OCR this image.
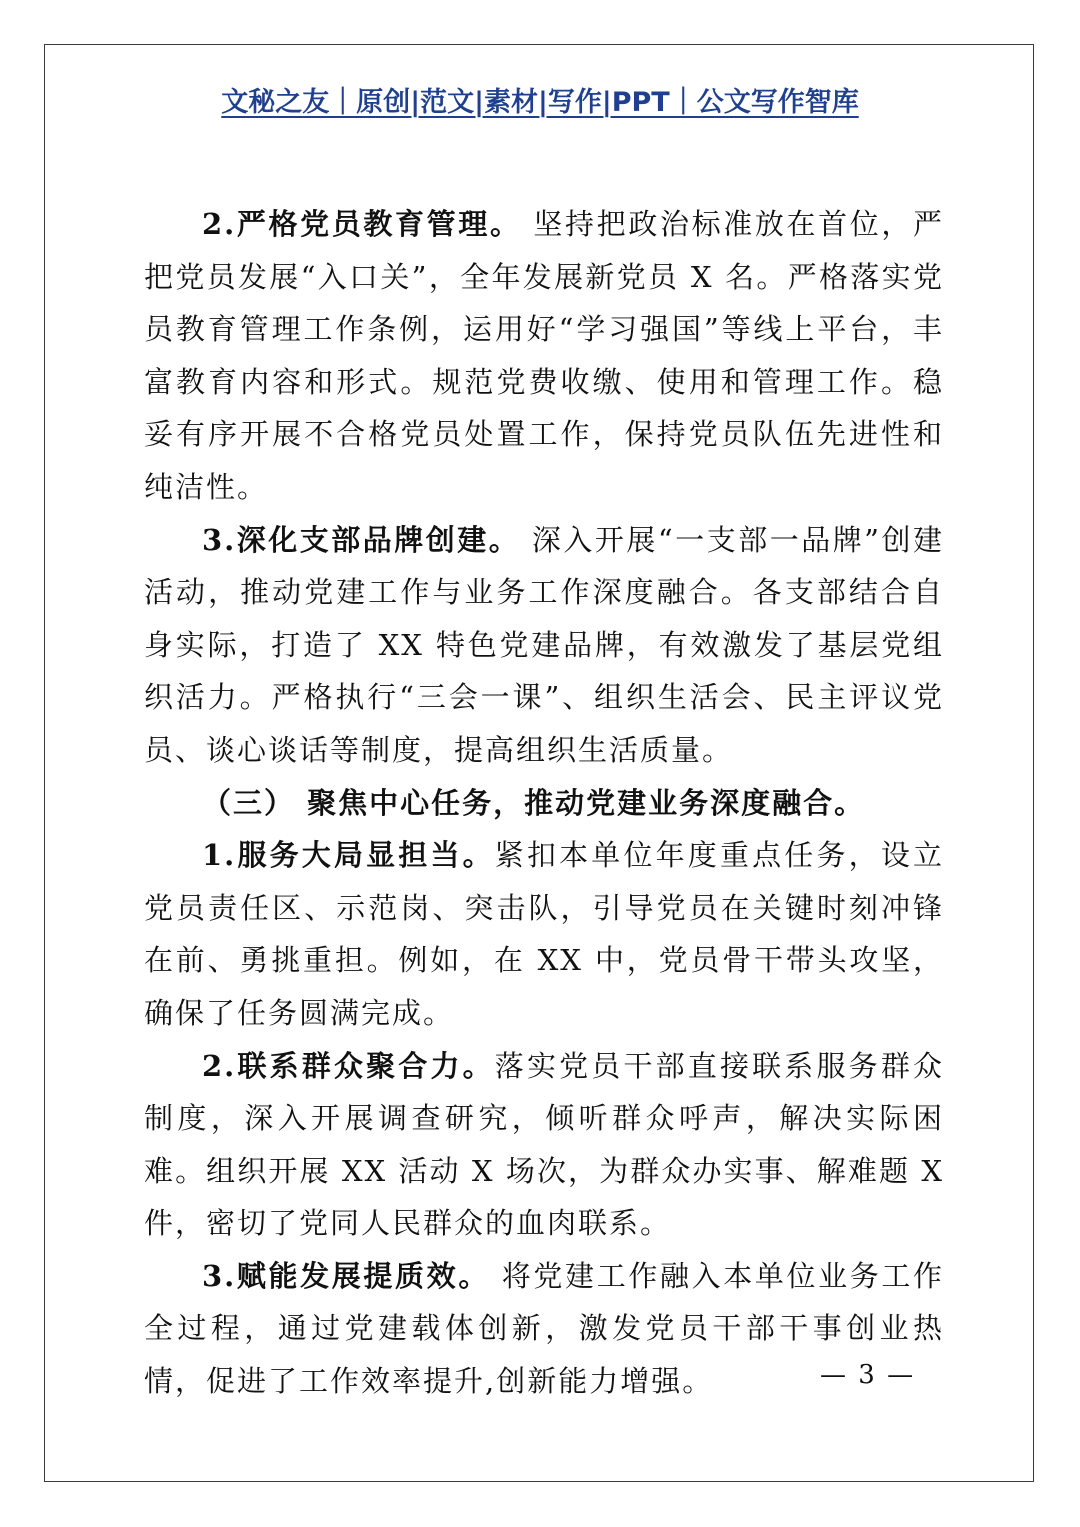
文秘之友｜原创|范文|素材|写作|PPT｜公文写作智库

2.严格党员教育管理。 坚持把政治标准放在首位，严把党员发展“入口关”，全年发展新党员 X 名。严格落实党员教育管理工作条例，运用好“学习强国”等线上平台，丰富教育内容和形式。规范党费收缴、使用和管理工作。稳妥有序开展不合格党员处置工作，保持党员队伍先进性和纯洁性。

3.深化支部品牌创建。 深入开展“一支部一品牌”创建活动，推动党建工作与业务工作深度融合。各支部结合自身实际，打造了 XX 特色党建品牌，有效激发了基层党组织活力。严格执行“三会一课”、组织生活会、民主评议党员、谈心谈话等制度，提高组织生活质量。

（三） 聚焦中心任务，推动党建业务深度融合。

1.服务大局显担当。紧扣本单位年度重点任务，设立党员责任区、示范岗、突击队，引导党员在关键时刻冲锋在前、勇挑重担。例如，在 XX 中，党员骨干带头攻坚，确保了任务圆满完成。

2.联系群众聚合力。落实党员干部直接联系服务群众制度，深入开展调查研究，倾听群众呼声，解决实际困难。组织开展 XX 活动 X 场次，为群众办实事、解难题 X 件，密切了党同人民群众的血肉联系。

3.赋能发展提质效。 将党建工作融入本单位业务工作全过程，通过党建载体创新，激发党员干部干事创业热情，促进了工作效率提升,创新能力增强。	— 3 —
